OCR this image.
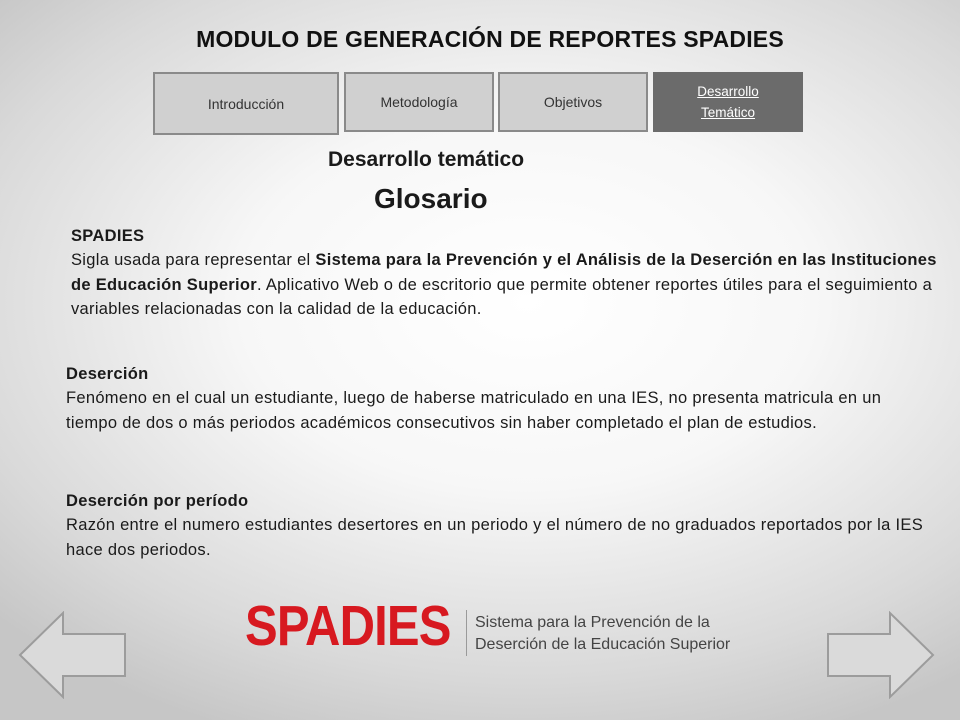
MODULO DE GENERACIÓN DE REPORTES SPADIES
Introducción	Metodología	Objetivos
Desarrollo
Temático
Desarrollo temático
Glosario
SPADIES
Sigla usada para representar el Sistema para la Prevención y el Análisis de la Deserción en las Instituciones de Educación Superior. Aplicativo Web o de escritorio que permite obtener reportes útiles para el seguimiento a variables relacionadas con la calidad de la educación.
Deserción
Fenómeno en el cual un estudiante, luego de haberse matriculado en una IES, no presenta matricula en un tiempo de dos o más periodos académicos consecutivos sin haber completado el plan de estudios.
Deserción por período
Razón entre el numero estudiantes desertores en un periodo y el número de no graduados reportados por la IES hace dos periodos.
SPADIES Sistema para la Prevención de la
Deserción de la Educación Superior
